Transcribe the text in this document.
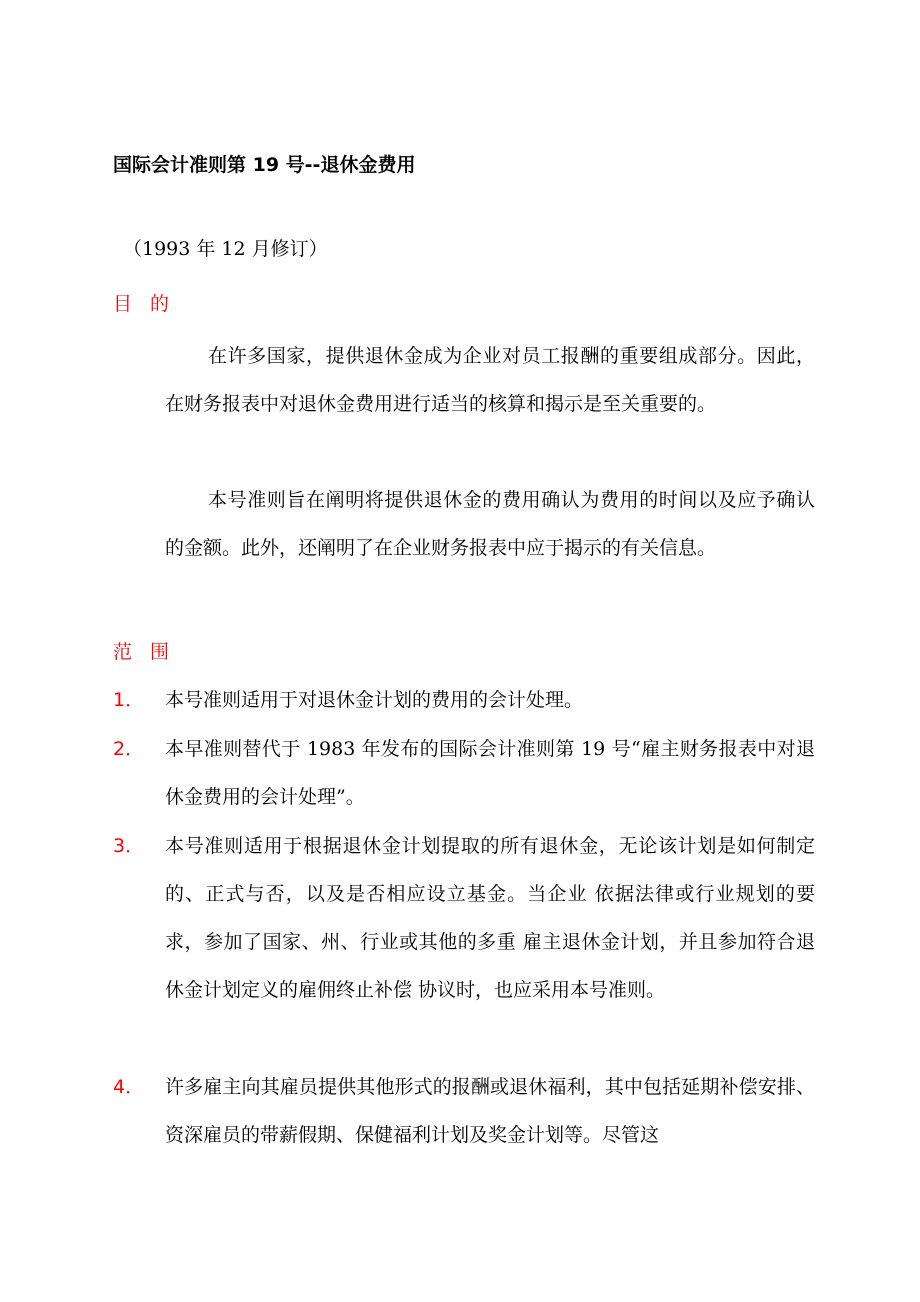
国际会计准则第 19 号--退休金费用
（1993 年 12 月修订）
目 的
在许多国家，提供退休金成为企业对员工报酬的重要组成部分。因此，在财务报表中对退休金费用进行适当的核算和揭示是至关重要的。
本号准则旨在阐明将提供退休金的费用确认为费用的时间以及应予确认的金额。此外，还阐明了在企业财务报表中应于揭示的有关信息。
范 围
1． 本号准则适用于对退休金计划的费用的会计处理。
2． 本早准则替代于 1983 年发布的国际会计准则第 19 号“雇主财务报表中对退休金费用的会计处理”。
3． 本号准则适用于根据退休金计划提取的所有退休金，无论该计划是如何制定的、正式与否，以及是否相应设立基金。当企业 依据法律或行业规划的要求，参加了国家、州、行业或其他的多重 雇主退休金计划，并且参加符合退休金计划定义的雇佣终止补偿 协议时，也应采用本号准则。
4． 许多雇主向其雇员提供其他形式的报酬或退休福利，其中包括延期补偿安排、资深雇员的带薪假期、保健福利计划及奖金计划等。尽管这
